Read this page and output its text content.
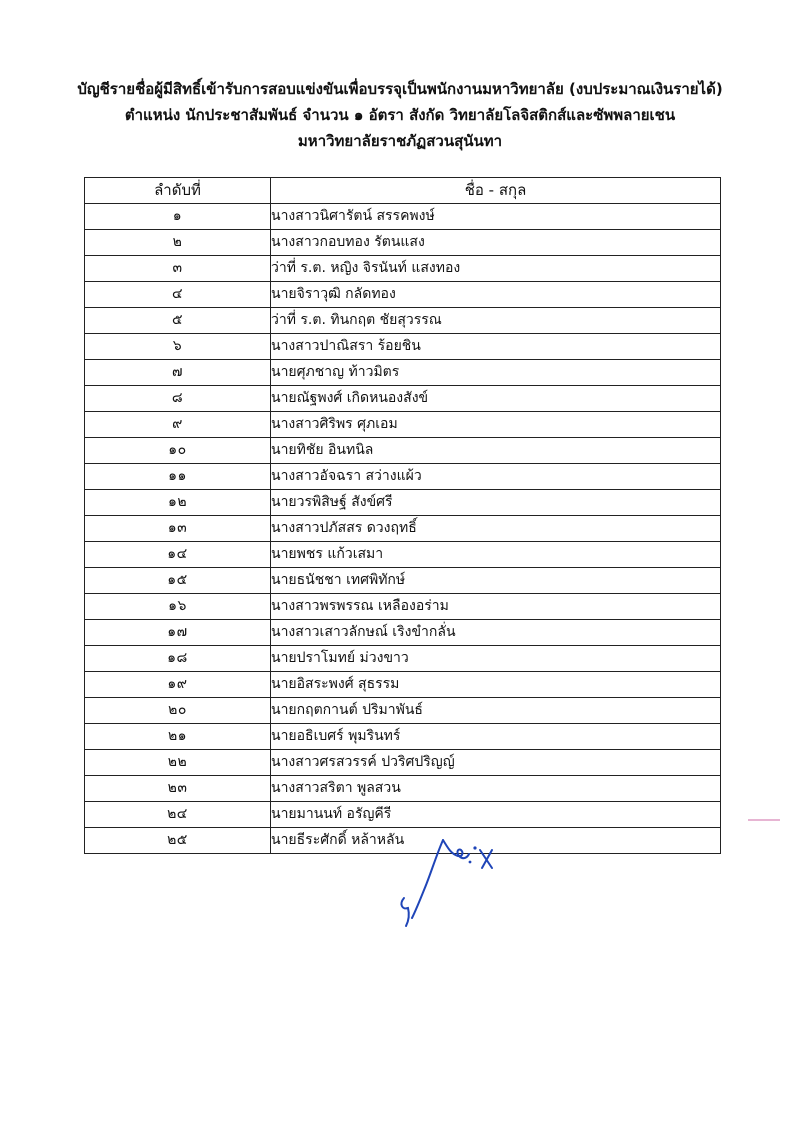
บัญชีรายชื่อผู้มีสิทธิ์เข้ารับการสอบแข่งขันเพื่อบรรจุเป็นพนักงานมหาวิทยาลัย (งบประมาณเงินรายได้)
ตำแหน่ง นักประชาสัมพันธ์ จำนวน ๑ อัตรา สังกัด วิทยาลัยโลจิสติกส์และซัพพลายเชน
มหาวิทยาลัยราชภัฏสวนสุนันทา
ลำดับที่	ชื่อ - สกุล
๑	นางสาวนิศารัตน์ สรรคพงษ์
๒	นางสาวกอบทอง รัตนแสง
๓	ว่าที่ ร.ต. หญิง จิรนันท์ แสงทอง
๔	นายจิราวุฒิ กลัดทอง
๕	ว่าที่ ร.ต. ทินกฤต ชัยสุวรรณ
๖	นางสาวปาณิสรา ร้อยชิน
๗	นายศุภชาญ ท้าวมิตร
๘	นายณัฐพงศ์ เกิดหนองสังข์
๙	นางสาวศิริพร ศุภเอม
๑๐	นายทิชัย อินทนิล
๑๑	นางสาวอัจฉรา สว่างแผ้ว
๑๒	นายวรพิสิษฐ์ สังข์ศรี
๑๓	นางสาวปภัสสร ดวงฤทธิ์
๑๔	นายพชร แก้วเสมา
๑๕	นายธนัชชา เทศพิทักษ์
๑๖	นางสาวพรพรรณ เหลืองอร่าม
๑๗	นางสาวเสาวลักษณ์ เริงขำกลั่น
๑๘	นายปราโมทย์ ม่วงขาว
๑๙	นายอิสระพงศ์ สุธรรม
๒๐	นายกฤตกานต์ ปริมาพันธ์
๒๑	นายอธิเบศร์ พุมรินทร์
๒๒	นางสาวศรสวรรค์ ปวริศปริญญ์
๒๓	นางสาวสริตา พูลสวน
๒๔	นายมานนท์ อรัญคีรี
๒๕	นายธีระศักดิ์ หล้าหลัน
